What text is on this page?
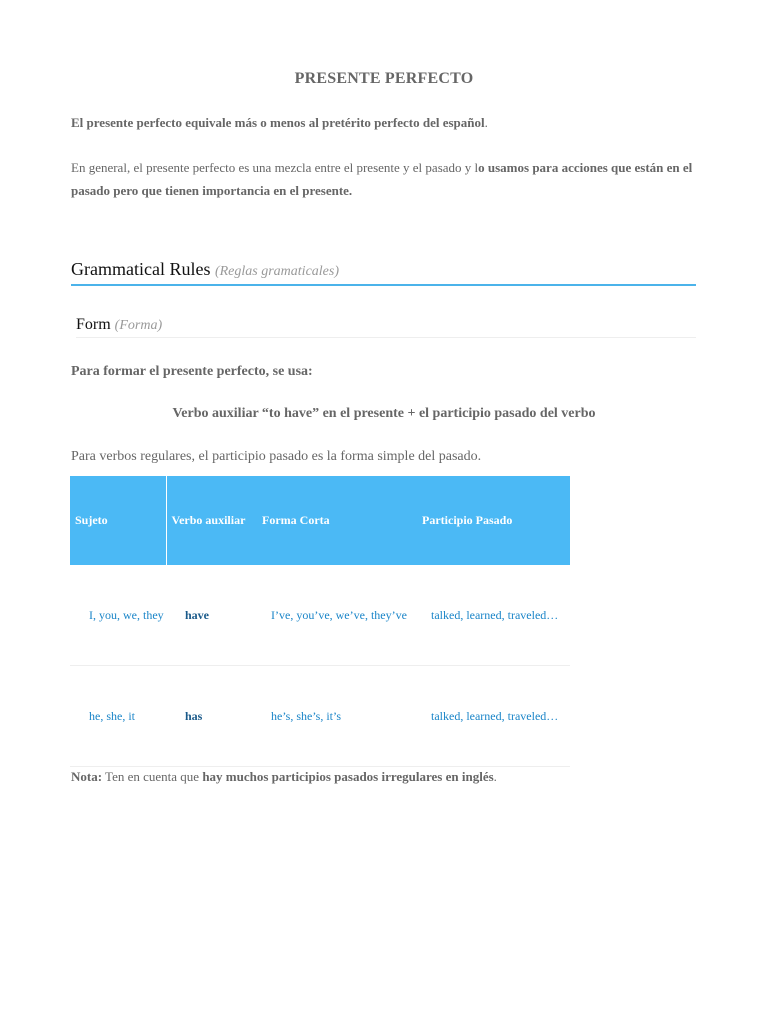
PRESENTE PERFECTO
El presente perfecto equivale más o menos al pretérito perfecto del español.
En general, el presente perfecto es una mezcla entre el presente y el pasado y lo usamos para acciones que están en el pasado pero que tienen importancia en el presente.
Grammatical Rules (Reglas gramaticales)
Form (Forma)
Para formar el presente perfecto, se usa:
Verbo auxiliar “to have” en el presente + el participio pasado del verbo
Para verbos regulares, el participio pasado es la forma simple del pasado.
Sujeto	Verbo auxiliar	Forma Corta	Participio Pasado
I, you, we, they	have	I’ve, you’ve, we’ve, they’ve	talked, learned, traveled…
he, she, it	has	he’s, she’s, it’s	talked, learned, traveled…
Nota: Ten en cuenta que hay muchos participios pasados irregulares en inglés.
